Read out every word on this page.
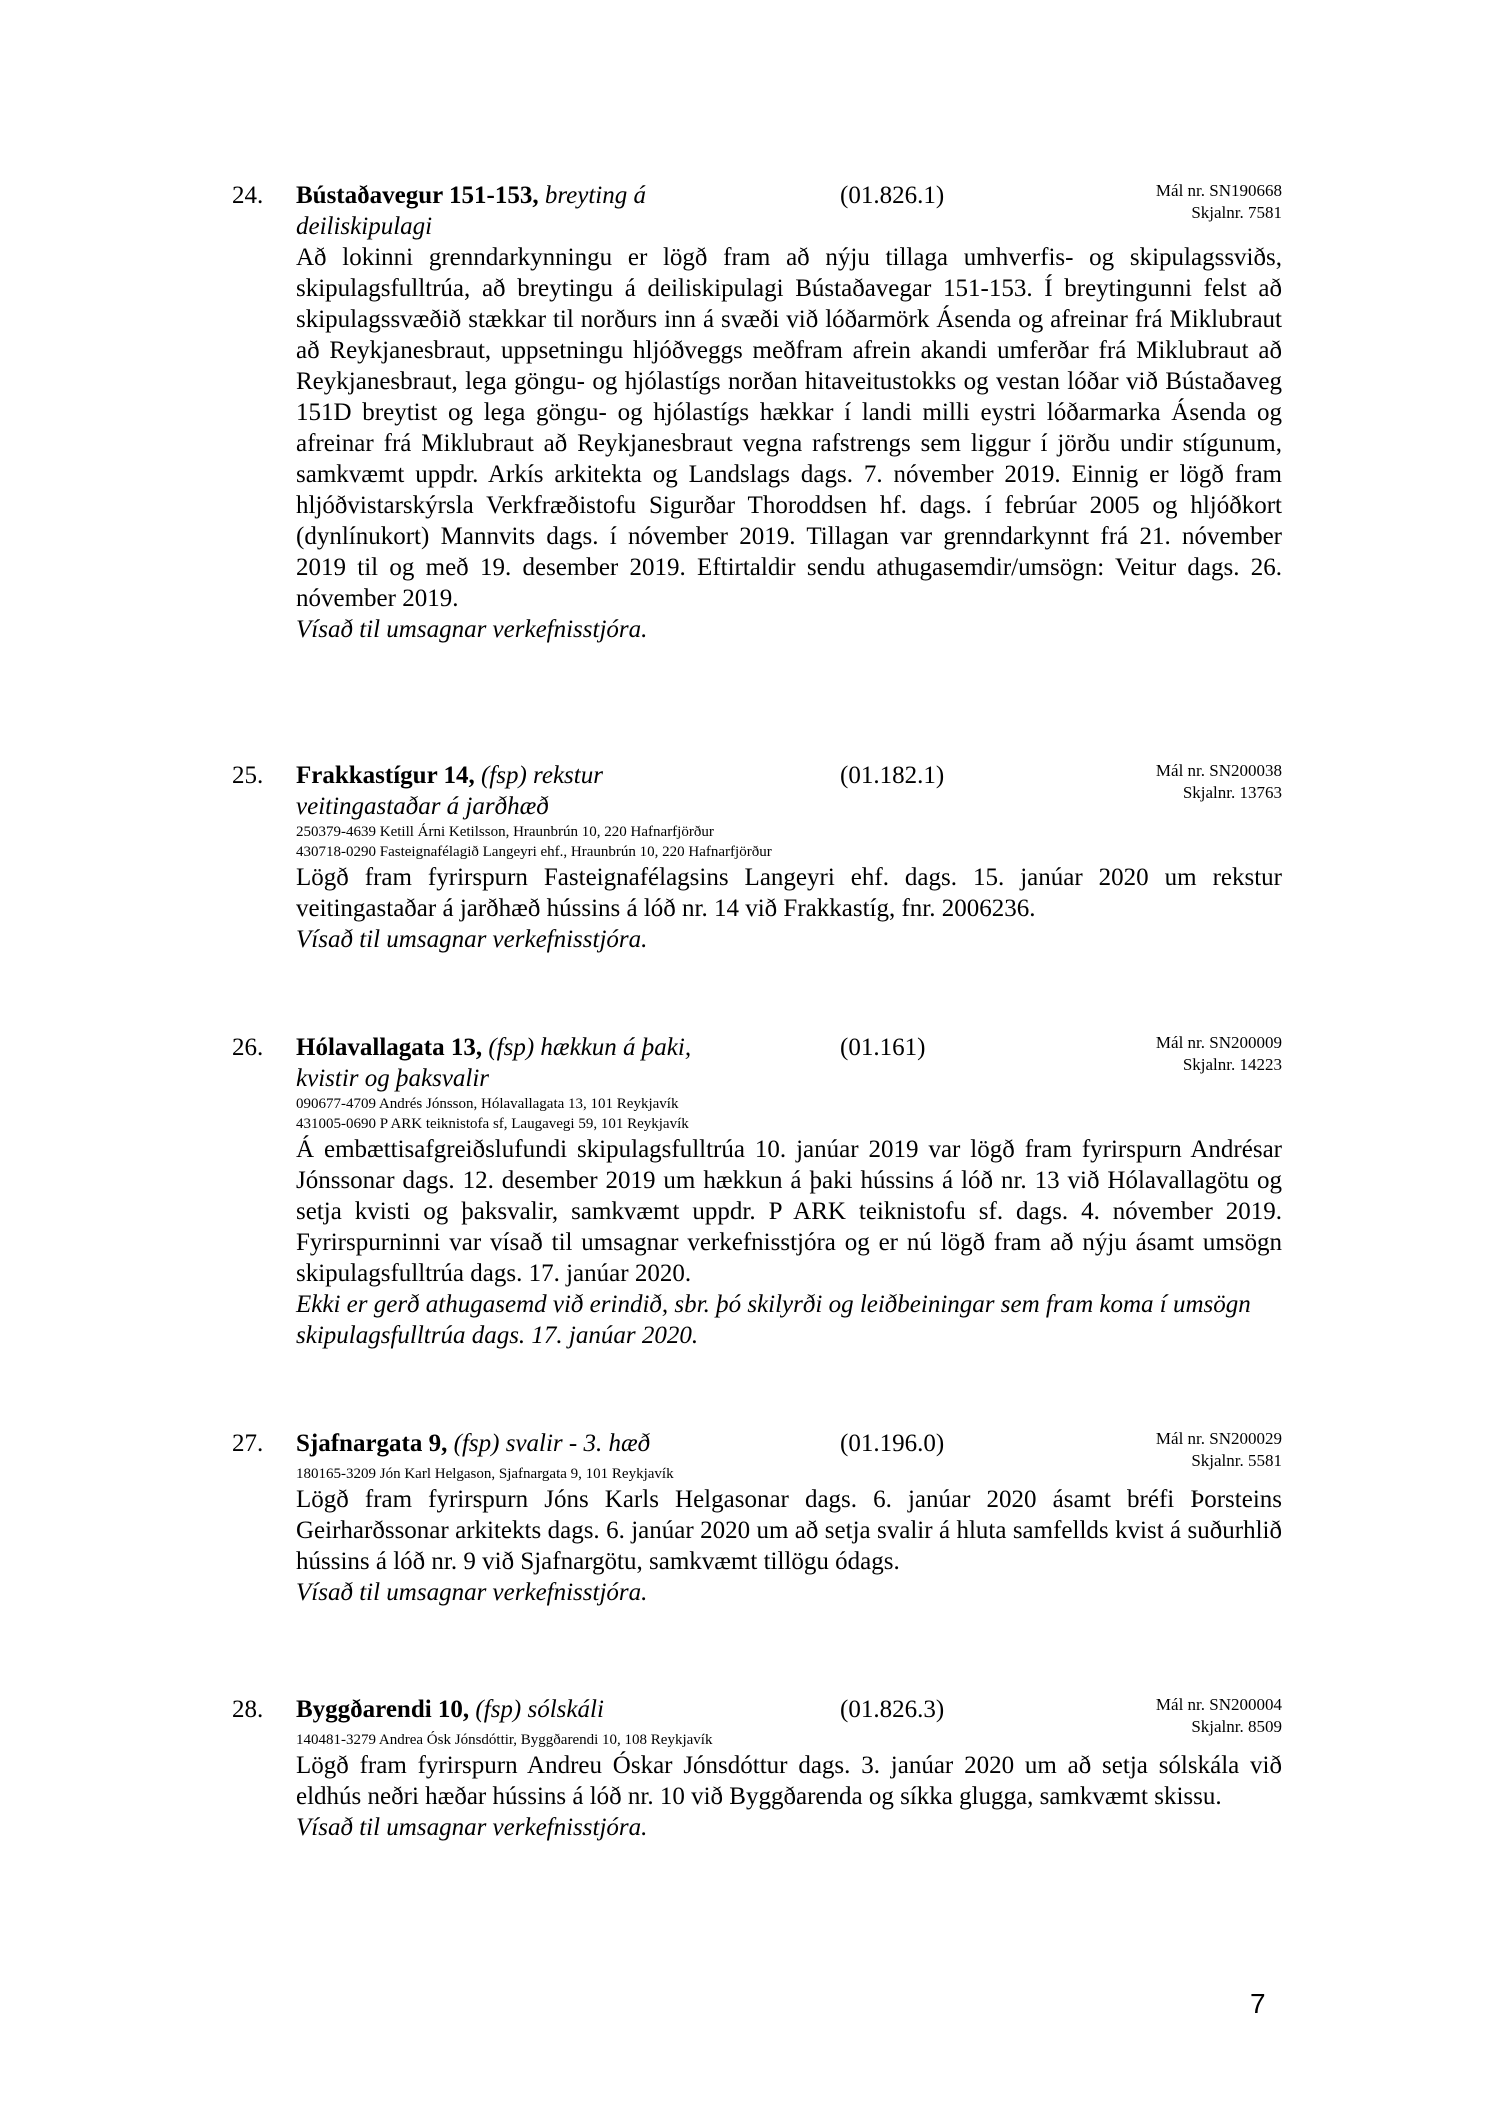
24. Bústaðavegur 151-153, breyting á deiliskipulagi
(01.826.1)	Mál nr. SN190668
Skjalnr. 7581

Að lokinni grenndarkynningu er lögð fram að nýju tillaga umhverfis- og skipulagssviðs, skipulagsfulltrúa, að breytingu á deiliskipulagi Bústaðavegar 151-153. Í breytingunni felst að skipulagssvæðið stækkar til norðurs inn á svæði við lóðarmörk Ásenda og afreinar frá Miklubraut að Reykjanesbraut, uppsetningu hljóðveggs meðfram afrein akandi umferðar frá Miklubraut að Reykjanesbraut, lega göngu- og hjólastígs norðan hitaveitustokks og vestan lóðar við Bústaðaveg 151D breytist og lega göngu- og hjólastígs hækkar í landi milli eystri lóðarmarka Ásenda og afreinar frá Miklubraut að Reykjanesbraut vegna rafstrengs sem liggur í jörðu undir stígunum, samkvæmt uppdr. Arkís arkitekta og Landslags dags. 7. nóvember 2019. Einnig er lögð fram hljóðvistarskýrsla Verkfræðistofu Sigurðar Thoroddsen hf. dags. í febrúar 2005 og hljóðkort (dynlínukort) Mannvits dags. í nóvember 2019. Tillagan var grenndarkynnt frá 21. nóvember 2019 til og með 19. desember 2019. Eftirtaldir sendu athugasemdir/umsögn: Veitur dags. 26. nóvember 2019.

Vísað til umsagnar verkefnisstjóra.

25. Frakkastígur 14, (fsp) rekstur veitingastaðar á jarðhæð
(01.182.1)	Mál nr. SN200038
Skjalnr. 13763
250379-4639 Ketill Árni Ketilsson, Hraunbrún 10, 220 Hafnarfjörður
430718-0290 Fasteignafélagið Langeyri ehf., Hraunbrún 10, 220 Hafnarfjörður

Lögð fram fyrirspurn Fasteignafélagsins Langeyri ehf. dags. 15. janúar 2020 um rekstur veitingastaðar á jarðhæð hússins á lóð nr. 14 við Frakkastíg, fnr. 2006236.

Vísað til umsagnar verkefnisstjóra.

26. Hólavallagata 13, (fsp) hækkun á þaki, kvistir og þaksvalir
(01.161)	Mál nr. SN200009
Skjalnr. 14223
090677-4709 Andrés Jónsson, Hólavallagata 13, 101 Reykjavík
431005-0690 P ARK teiknistofa sf, Laugavegi 59, 101 Reykjavík

Á embættisafgreiðslufundi skipulagsfulltrúa 10. janúar 2019 var lögð fram fyrirspurn Andrésar Jónssonar dags. 12. desember 2019 um hækkun á þaki hússins á lóð nr. 13 við Hólavallagötu og setja kvisti og þaksvalir, samkvæmt uppdr. P ARK teiknistofu sf. dags. 4. nóvember 2019. Fyrirspurninni var vísað til umsagnar verkefnisstjóra og er nú lögð fram að nýju ásamt umsögn skipulagsfulltrúa dags. 17. janúar 2020.

Ekki er gerð athugasemd við erindið, sbr. þó skilyrði og leiðbeiningar sem fram koma í umsögn skipulagsfulltrúa dags. 17. janúar 2020.

27. Sjafnargata 9, (fsp) svalir - 3. hæð	(01.196.0)	Mál nr. SN200029
Skjalnr. 5581
180165-3209 Jón Karl Helgason, Sjafnargata 9, 101 Reykjavík

Lögð fram fyrirspurn Jóns Karls Helgasonar dags. 6. janúar 2020 ásamt bréfi Þorsteins Geirharðssonar arkitekts dags. 6. janúar 2020 um að setja svalir á hluta samfellds kvist á suðurhlið hússins á lóð nr. 9 við Sjafnargötu, samkvæmt tillögu ódags.

Vísað til umsagnar verkefnisstjóra.

28. Byggðarendi 10, (fsp) sólskáli	(01.826.3)	Mál nr. SN200004
Skjalnr. 8509
140481-3279 Andrea Ósk Jónsdóttir, Byggðarendi 10, 108 Reykjavík

Lögð fram fyrirspurn Andreu Óskar Jónsdóttur dags. 3. janúar 2020 um að setja sólskála við eldhús neðri hæðar hússins á lóð nr. 10 við Byggðarenda og síkka glugga, samkvæmt skissu.

Vísað til umsagnar verkefnisstjóra.

7
